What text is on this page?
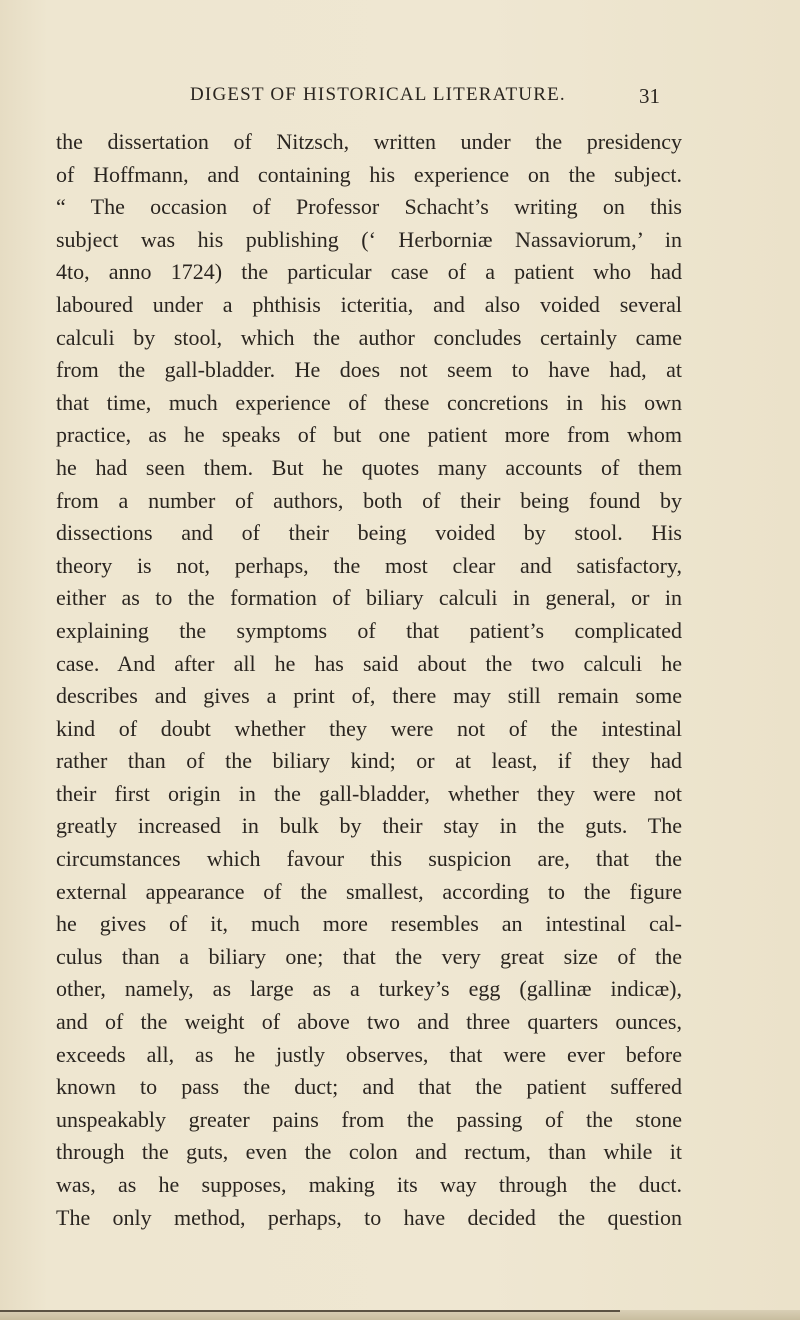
DIGEST OF HISTORICAL LITERATURE.	31
the dissertation of Nitzsch, written under the presidency
of Hoffmann, and containing his experience on the subject.
“ The occasion of Professor Schacht’s writing on this
subject was his publishing (‘ Herborniæ Nassaviorum,’ in
4to, anno 1724) the particular case of a patient who had
laboured under a phthisis icteritia, and also voided several
calculi by stool, which the author concludes certainly came
from the gall-bladder. He does not seem to have had, at
that time, much experience of these concretions in his own
practice, as he speaks of but one patient more from whom
he had seen them. But he quotes many accounts of them
from a number of authors, both of their being found by
dissections and of their being voided by stool. His
theory is not, perhaps, the most clear and satisfactory,
either as to the formation of biliary calculi in general, or in
explaining the symptoms of that patient’s complicated
case. And after all he has said about the two calculi he
describes and gives a print of, there may still remain some
kind of doubt whether they were not of the intestinal
rather than of the biliary kind; or at least, if they had
their first origin in the gall-bladder, whether they were not
greatly increased in bulk by their stay in the guts. The
circumstances which favour this suspicion are, that the
external appearance of the smallest, according to the figure
he gives of it, much more resembles an intestinal cal-
culus than a biliary one; that the very great size of the
other, namely, as large as a turkey’s egg (gallinæ indicæ),
and of the weight of above two and three quarters ounces,
exceeds all, as he justly observes, that were ever before
known to pass the duct; and that the patient suffered
unspeakably greater pains from the passing of the stone
through the guts, even the colon and rectum, than while it
was, as he supposes, making its way through the duct.
The only method, perhaps, to have decided the question
